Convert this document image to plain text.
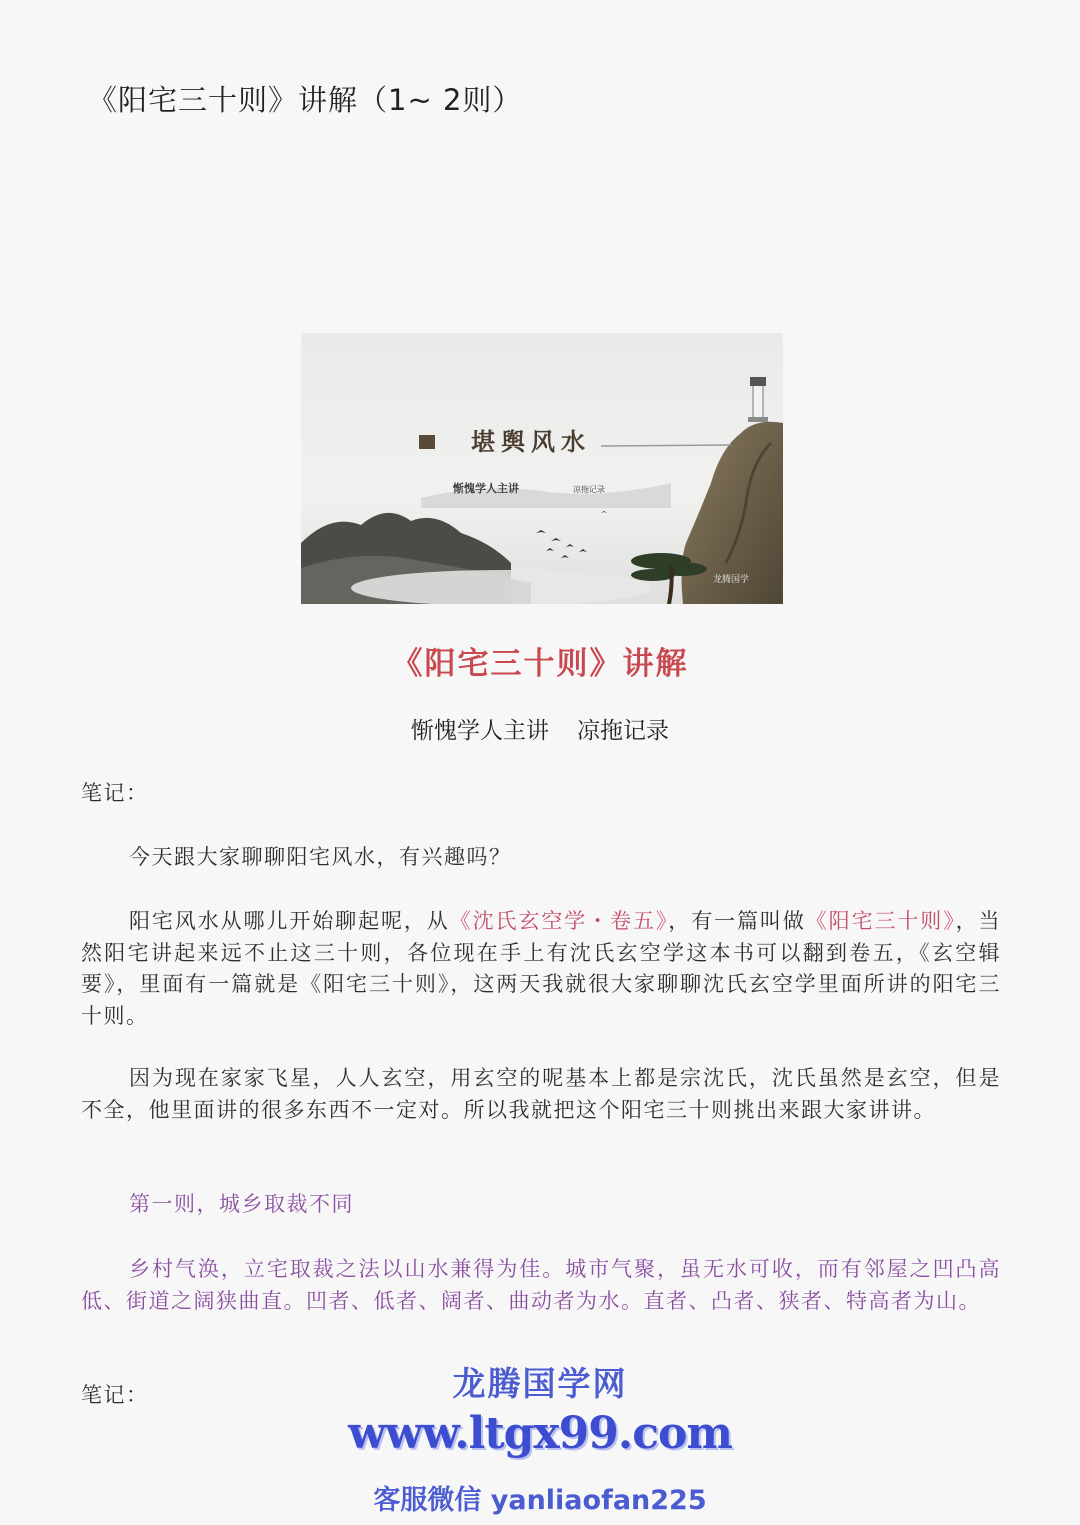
《阳宅三十则》讲解（1~ 2则）
堪舆风水
惭愧学人主讲	凉拖记录
龙腾国学
《阳宅三十则》讲解
惭愧学人主讲 凉拖记录
笔记：
今天跟大家聊聊阳宅风水，有兴趣吗？
阳宅风水从哪儿开始聊起呢，从《沈氏玄空学・卷五》，有一篇叫做《阳宅三十则》，当然阳宅讲起来远不止这三十则，各位现在手上有沈氏玄空学这本书可以翻到卷五，《玄空辑要》，里面有一篇就是《阳宅三十则》，这两天我就很大家聊聊沈氏玄空学里面所讲的阳宅三十则。
因为现在家家飞星，人人玄空，用玄空的呢基本上都是宗沈氏，沈氏虽然是玄空，但是不全，他里面讲的很多东西不一定对。所以我就把这个阳宅三十则挑出来跟大家讲讲。
第一则，城乡取裁不同
乡村气涣，立宅取裁之法以山水兼得为佳。城市气聚，虽无水可收，而有邻屋之凹凸高低、街道之阔狭曲直。凹者、低者、阔者、曲动者为水。直者、凸者、狭者、特高者为山。
笔记：	龙腾国学网
www.ltgx99.com
客服微信 yanliaofan225
